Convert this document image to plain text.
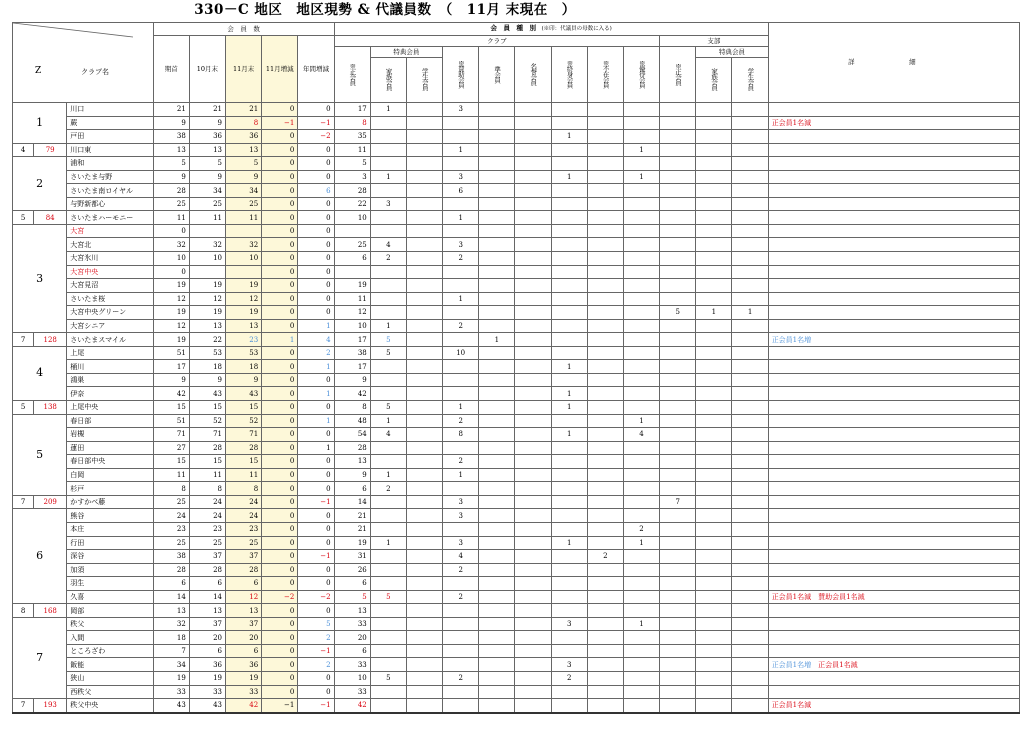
330－C 地区　地区現勢 & 代議員数　（　11月 末現在　）
Z クラブ名			会　員　数					会　員　種　別　(※印：代議員の母数に入る)												詳　細
			期首	10月末	11月末	11月増減	年間増減	クラブ									支部			
								※正会員	特典会員		※賛助会員	準会員	名誉会員	※終身会員	※不在会員	※優待会員	※正会員	特典会員		
									家族会員	学生会員								家族会員	学生会員	
1		川口	21	21	21	0	0	17	1		3									
		蕨	9	9	8	−1	−1	8												正会員1名減
		戸田	38	36	36	0	−2	35						1						
4	79	川口東	13	13	13	0	0	11			1					1				
2		浦和	5	5	5	0	0	5												
		さいたま与野	9	9	9	0	0	3	1		3			1		1				
		さいたま南ロイヤル	28	34	34	0	6	28			6									
		与野新都心	25	25	25	0	0	22	3											
5	84	さいたまハーモニー	11	11	11	0	0	10			1									
3		大宮	0			0	0													
		大宮北	32	32	32	0	0	25	4		3									
		大宮氷川	10	10	10	0	0	6	2		2									
		大宮中央	0			0	0													
		大宮見沼	19	19	19	0	0	19												
		さいたま桜	12	12	12	0	0	11			1									
		大宮中央グリーン	19	19	19	0	0	12									5	1	1	
		大宮シニア	12	13	13	0	1	10	1		2									
7	128	さいたまスマイル	19	22	23	1	4	17	5			1								正会員1名増
4		上尾	51	53	53	0	2	38	5		10									
		桶川	17	18	18	0	1	17						1						
		鴻巣	9	9	9	0	0	9												
		伊奈	42	43	43	0	1	42						1						
5	138	上尾中央	15	15	15	0	0	8	5		1			1						
5		春日部	51	52	52	0	1	48	1		2					1				
		岩槻	71	71	71	0	0	54	4		8			1		4				
		蓮田	27	28	28	0	1	28												
		春日部中央	15	15	15	0	0	13			2									
		白岡	11	11	11	0	0	9	1		1									
		杉戸	8	8	8	0	0	6	2											
7	209	かすかべ藤	25	24	24	0	−1	14			3						7			
6		熊谷	24	24	24	0	0	21			3									
		本庄	23	23	23	0	0	21								2				
		行田	25	25	25	0	0	19	1		3			1		1				
		深谷	38	37	37	0	−1	31			4				2					
		加須	28	28	28	0	0	26			2									
		羽生	6	6	6	0	0	6												
		久喜	14	14	12	−2	−2	5	5		2									正会員1名減　賛助会員1名減
8	168	岡部	13	13	13	0	0	13												
7		秩父	32	37	37	0	5	33						3		1				
		入間	18	20	20	0	2	20												
		ところざわ	7	6	6	0	−1	6												
		飯能	34	36	36	0	2	33						3						正会員1名増　正会員1名減
		狭山	19	19	19	0	0	10	5		2			2						
		西秩父	33	33	33	0	0	33												
7	193	秩父中央	43	43	42	−1	−1	42												正会員1名減
